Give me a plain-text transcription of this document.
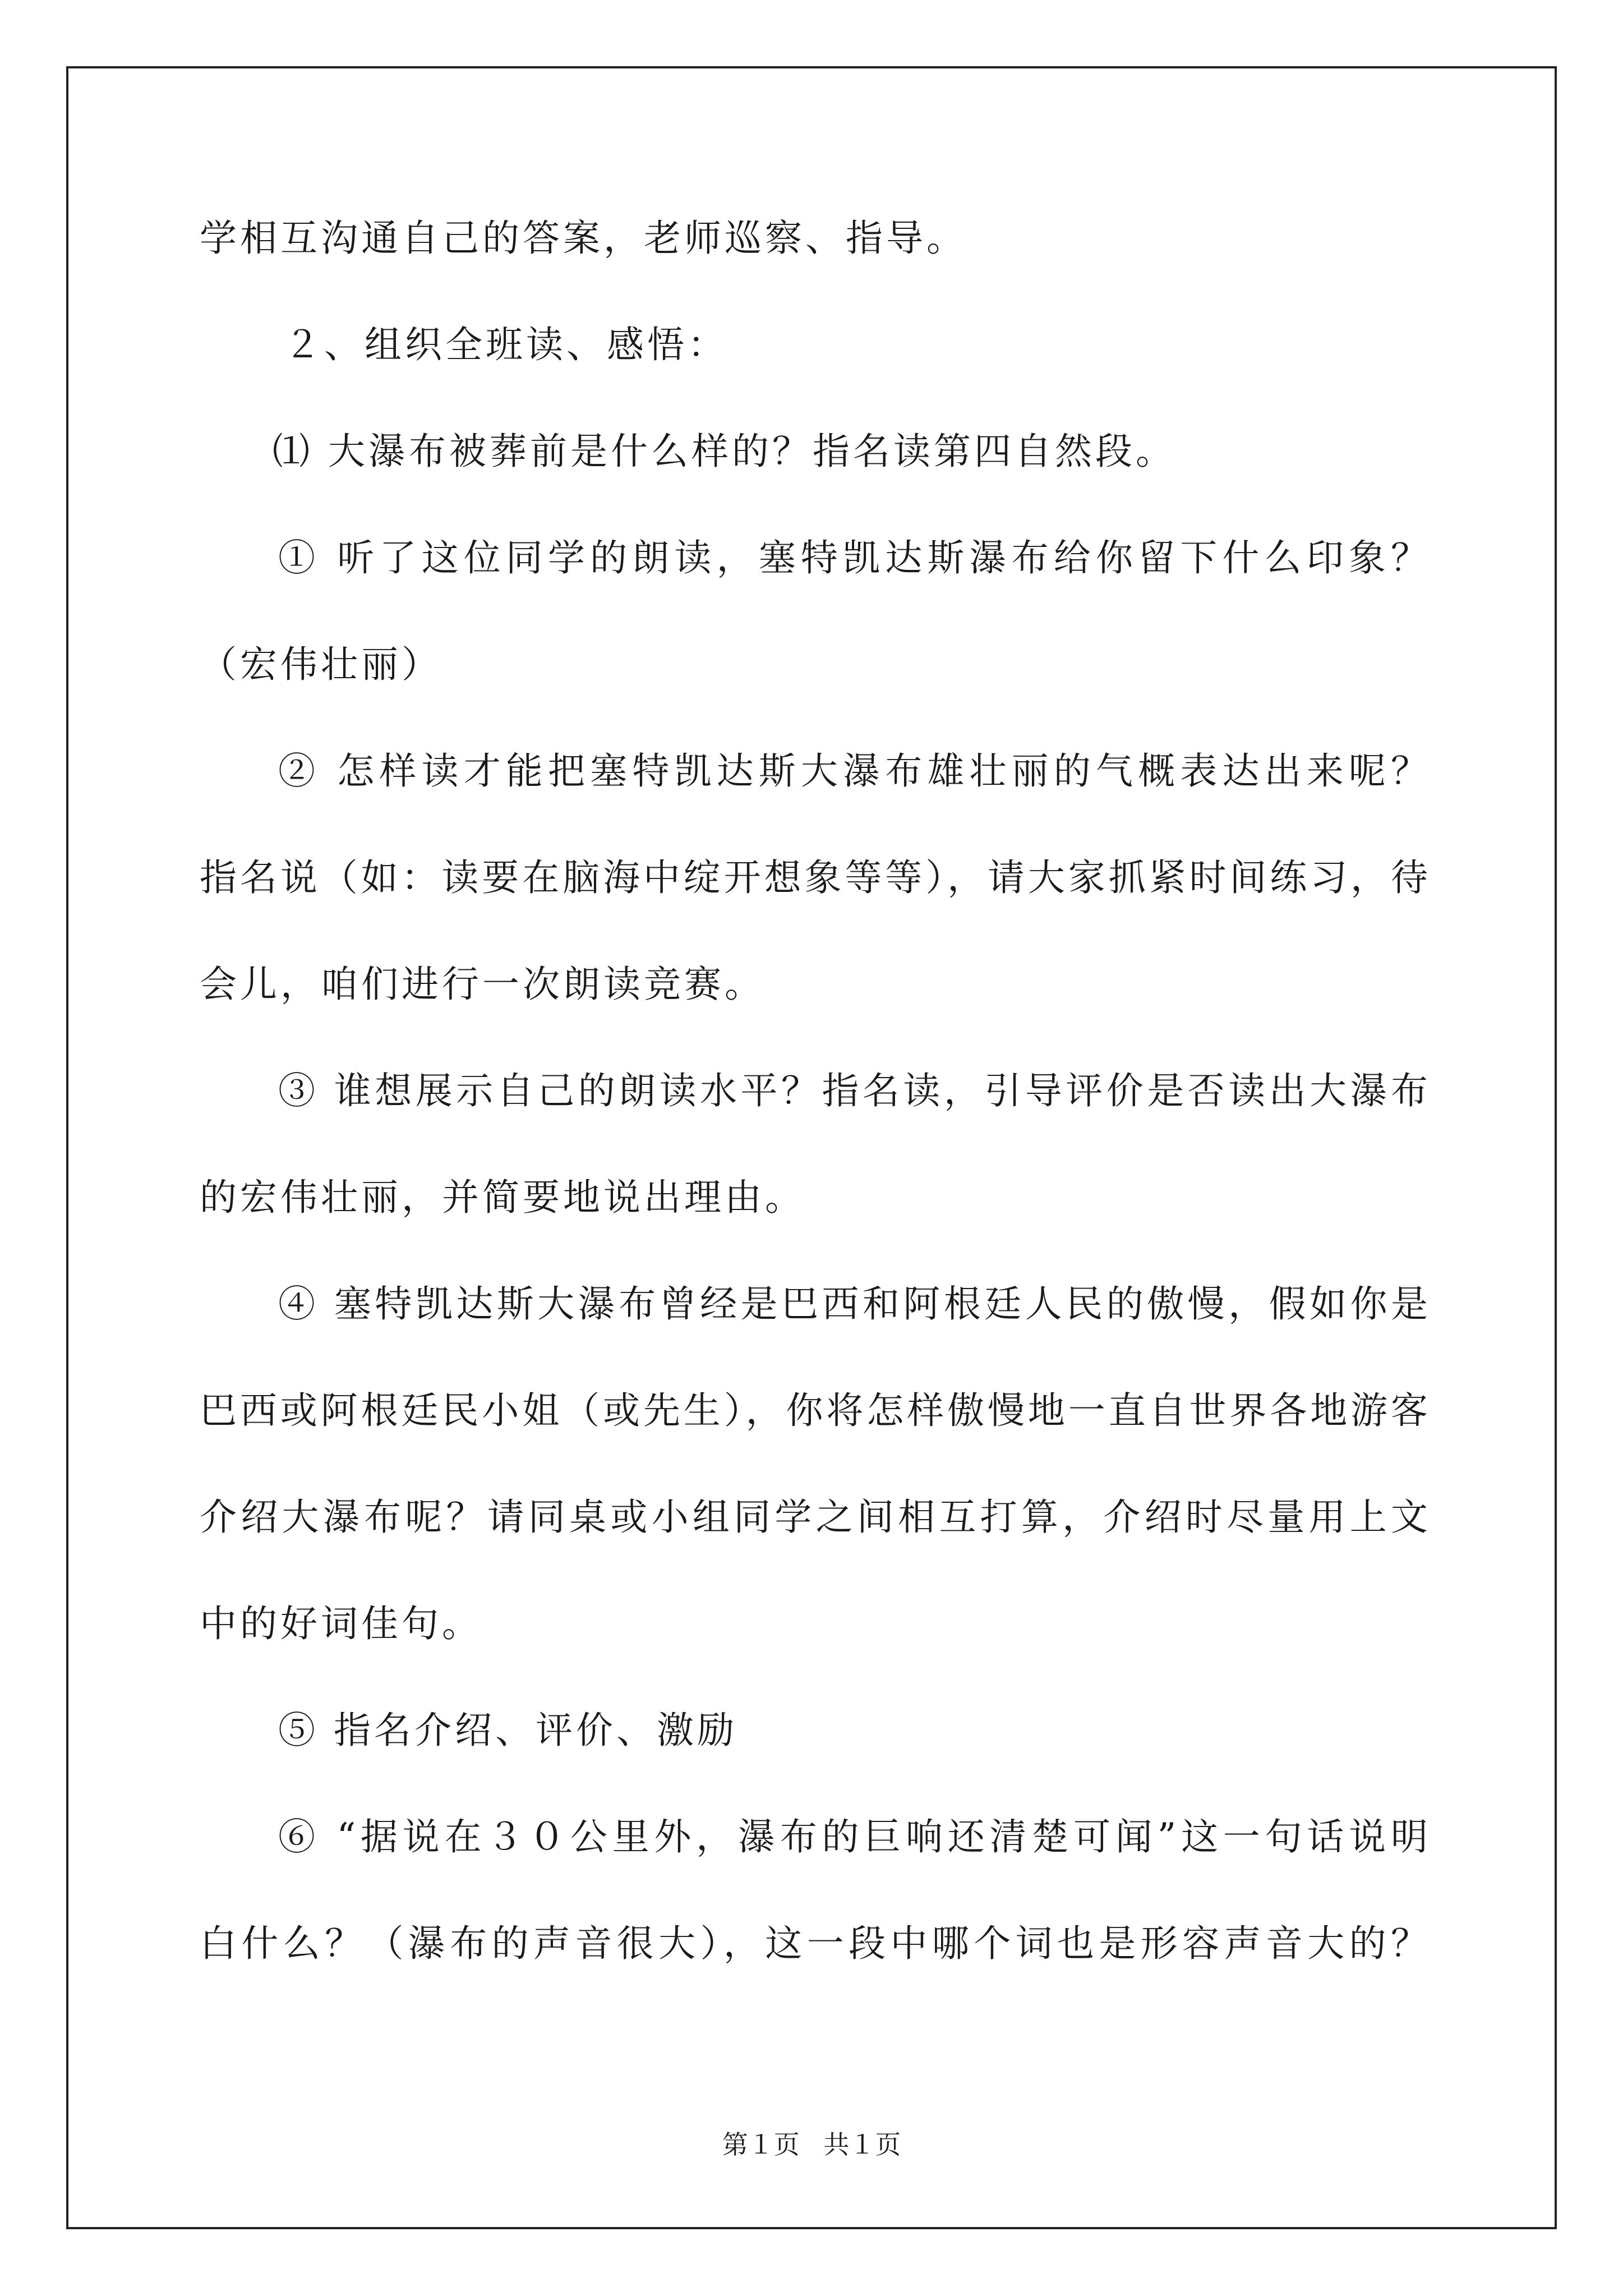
学相互沟通自己的答案，老师巡察、指导。
２、组织全班读、感悟：
⑴ 大瀑布被葬前是什么样的？指名读第四自然段。
① 听了这位同学的朗读，塞特凯达斯瀑布给你留下什么印象？
（宏伟壮丽）
② 怎样读才能把塞特凯达斯大瀑布雄壮丽的气概表达出来呢？
指名说（如：读要在脑海中绽开想象等等），请大家抓紧时间练习，待
会儿，咱们进行一次朗读竞赛。
③ 谁想展示自己的朗读水平？指名读，引导评价是否读出大瀑布
的宏伟壮丽，并简要地说出理由。
④ 塞特凯达斯大瀑布曾经是巴西和阿根廷人民的傲慢，假如你是
巴西或阿根廷民小姐（或先生），你将怎样傲慢地一直自世界各地游客
介绍大瀑布呢？请同桌或小组同学之间相互打算，介绍时尽量用上文
中的好词佳句。
⑤ 指名介绍、评价、激励
⑥ “据说在３０公里外，瀑布的巨响还清楚可闻”这一句话说明
白什么？（瀑布的声音很大），这一段中哪个词也是形容声音大的？
第１页 共１页
